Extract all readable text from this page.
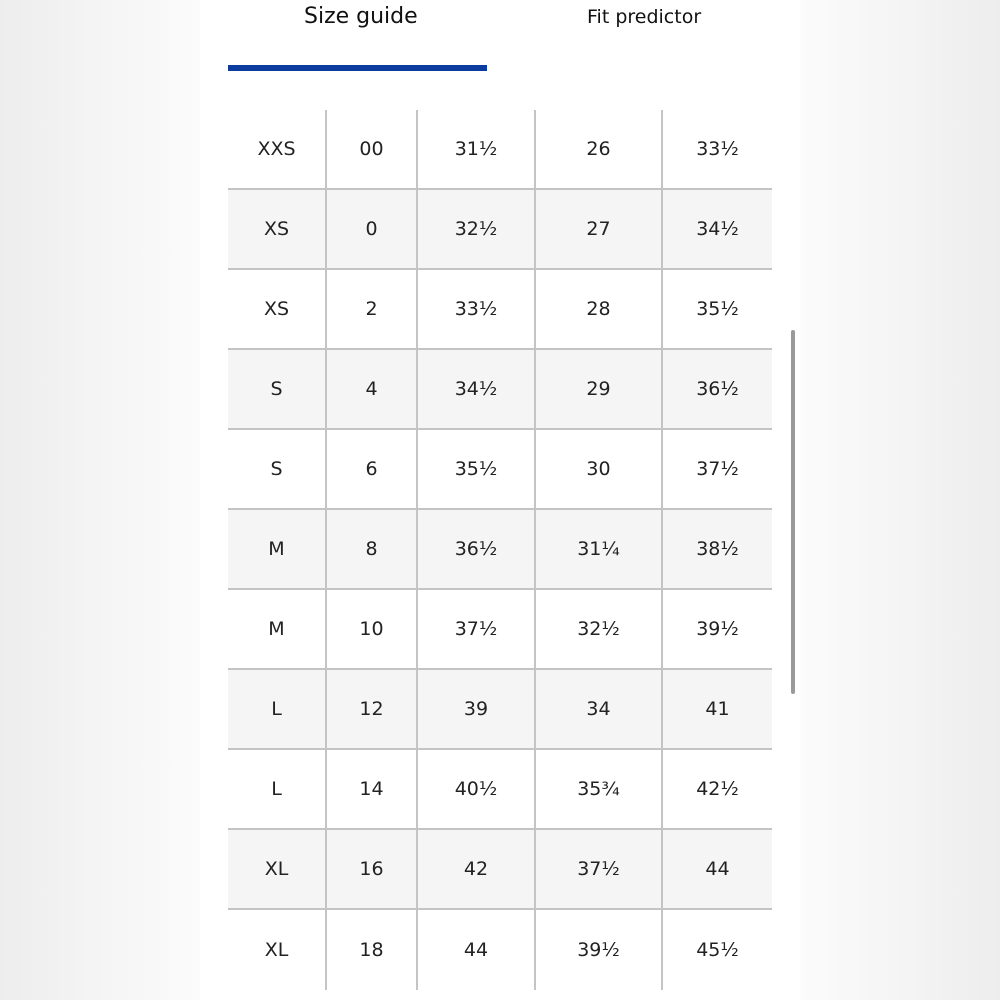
Size guide	Fit predictor
XXS	00	31½	26	33½
XS	0	32½	27	34½
XS	2	33½	28	35½
S	4	34½	29	36½
S	6	35½	30	37½
M	8	36½	31¼	38½
M	10	37½	32½	39½
L	12	39	34	41
L	14	40½	35¾	42½
XL	16	42	37½	44
XL	18	44	39½	45½
